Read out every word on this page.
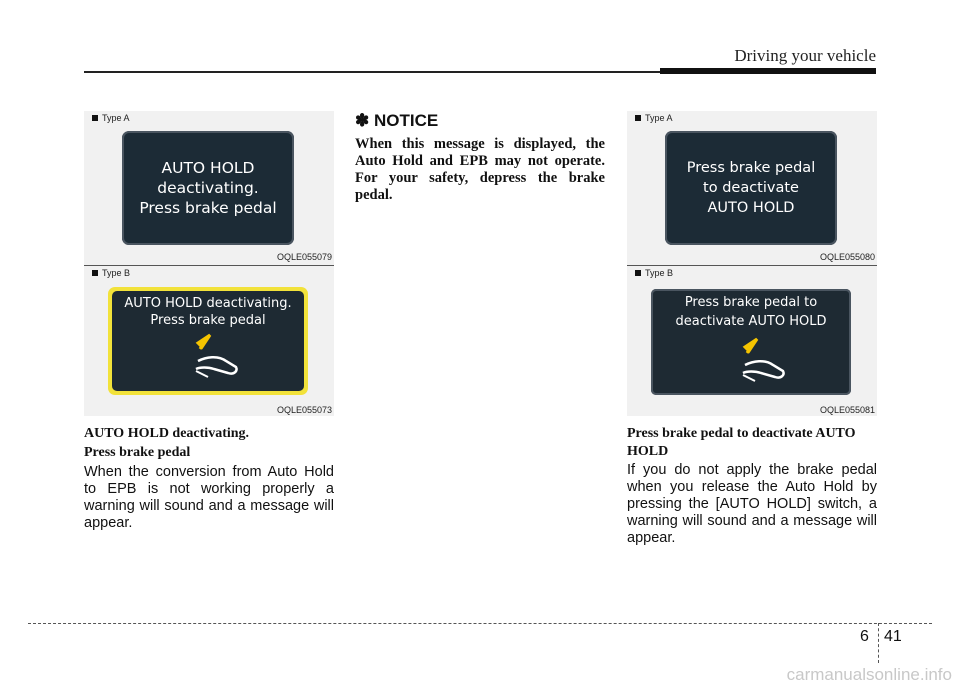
Driving your vehicle
Type A
AUTO HOLD
deactivating.
Press brake pedal
OQLE055079
Type B
AUTO HOLD deactivating.
Press brake pedal
OQLE055073
AUTO HOLD deactivating.
Press brake pedal
When the conversion from Auto Hold to EPB is not working properly a warning will sound and a message will appear.
✽ NOTICE
When this message is displayed, the Auto Hold and EPB may not operate. For your safety, depress the brake pedal.
Type A
Press brake pedal
to deactivate
AUTO HOLD
OQLE055080
Type B
Press brake pedal to
deactivate AUTO HOLD
OQLE055081
Press brake pedal to deactivate AUTO HOLD
If you do not apply the brake pedal when you release the Auto Hold by pressing the [AUTO HOLD] switch, a warning will sound and a message will appear.
6 41
carmanualsonline.info
